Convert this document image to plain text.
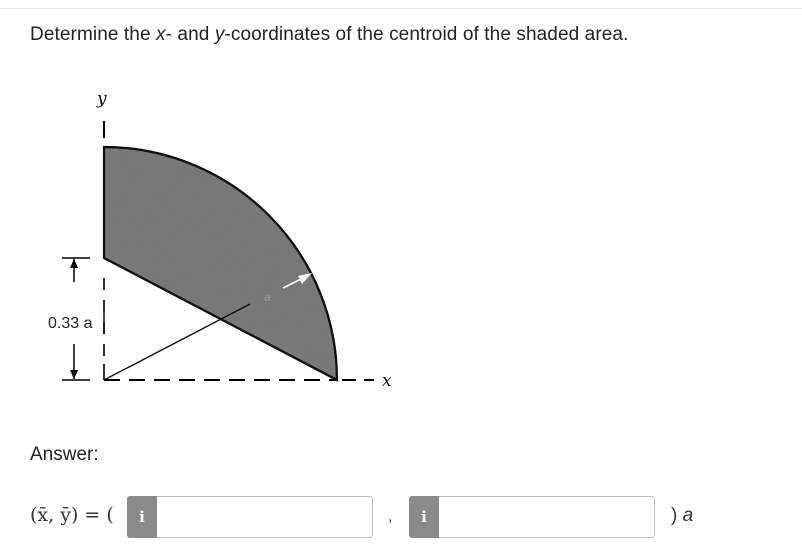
Determine the x- and y-coordinates of the centroid of the shaded area.
y
x
a
0.33 a
Answer:
(x̄, ȳ) = ( i	, i	) a
